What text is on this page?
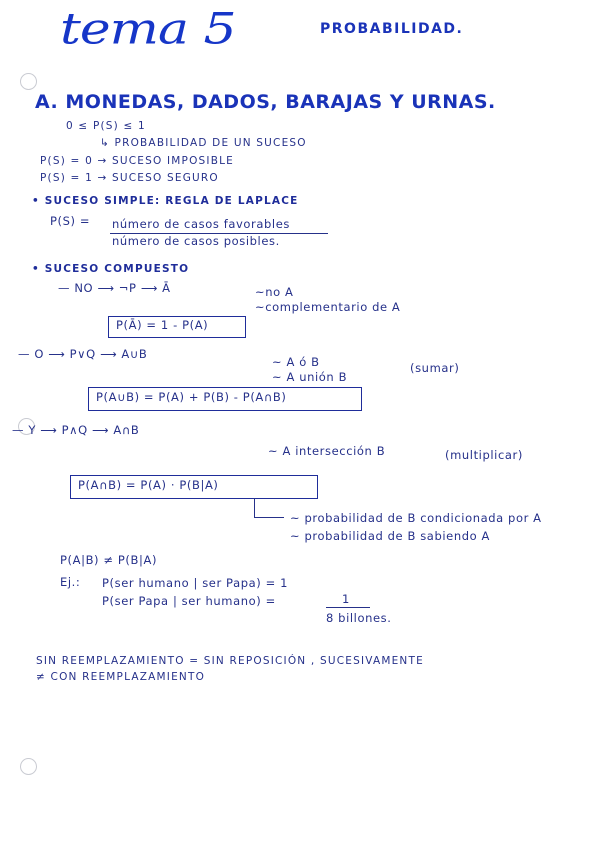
tema 5	PROBABILIDAD.
A. MONEDAS, DADOS, BARAJAS Y URNAS.
0 ≤ P(S) ≤ 1
↳ PROBABILIDAD DE UN SUCESO
P(S) = 0 → SUCESO IMPOSIBLE
P(S) = 1 → SUCESO SEGURO
• SUCESO SIMPLE: REGLA DE LAPLACE
P(S) = número de casos favorables
número de casos posibles.
• SUCESO COMPUESTO
— NO ⟶ ¬P ⟶ Ā	~no A
~complementario de A
P(Ā) = 1 - P(A)
— O ⟶ P∨Q ⟶ A∪B
~ A ó B
~ A unión B
(sumar)
P(A∪B) = P(A) + P(B) - P(A∩B)
— Y ⟶ P∧Q ⟶ A∩B
~ A intersección B	(multiplicar)
P(A∩B) = P(A) · P(B|A)
~ probabilidad de B condicionada por A
~ probabilidad de B sabiendo A
P(A|B) ≠ P(B|A)
Ej.: P(ser humano | ser Papa) = 1
P(ser Papa | ser humano) =	1
8 billones.
SIN REEMPLAZAMIENTO = SIN REPOSICIÓN , SUCESIVAMENTE
≠ CON REEMPLAZAMIENTO
